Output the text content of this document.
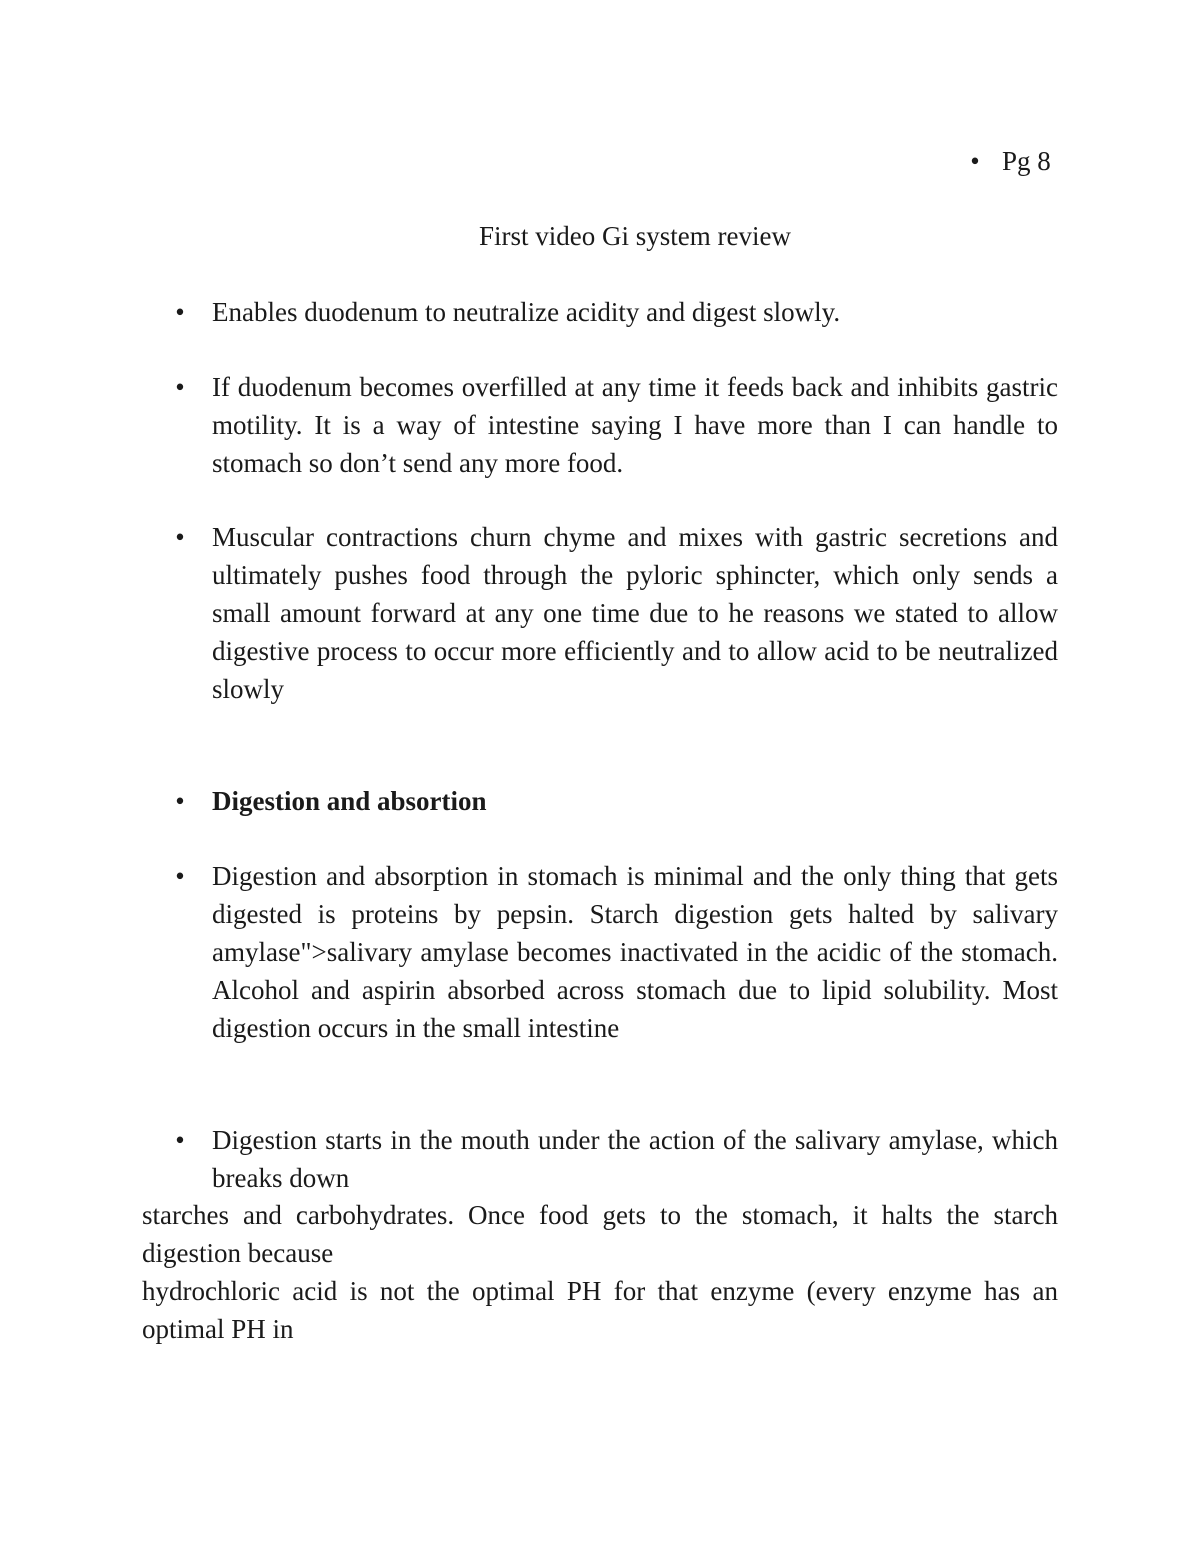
• Pg 8
First video Gi system review
• Enables duodenum to neutralize acidity and digest slowly.
• If duodenum becomes overfilled at any time it feeds back and inhibits gastric motility. It is a way of intestine saying I have more than I can handle to stomach so don’t send any more food.
• Muscular contractions churn chyme and mixes with gastric secretions and ultimately pushes food through the pyloric sphincter, which only sends a small amount forward at any one time due to he reasons we stated to allow digestive process to occur more efficiently and to allow acid to be neutralized slowly
• Digestion and absortion
• Digestion and absorption in stomach is minimal and the only thing that gets digested is proteins by pepsin. Starch digestion gets halted by salivary amylase">salivary amylase becomes inactivated in the acidic of the stomach. Alcohol and aspirin absorbed across stomach due to lipid solubility. Most digestion occurs in the small intestine
• Digestion starts in the mouth under the action of the salivary amylase, which breaks down
starches and carbohydrates. Once food gets to the stomach, it halts the starch digestion because
hydrochloric acid is not the optimal PH for that enzyme (every enzyme has an optimal PH in
